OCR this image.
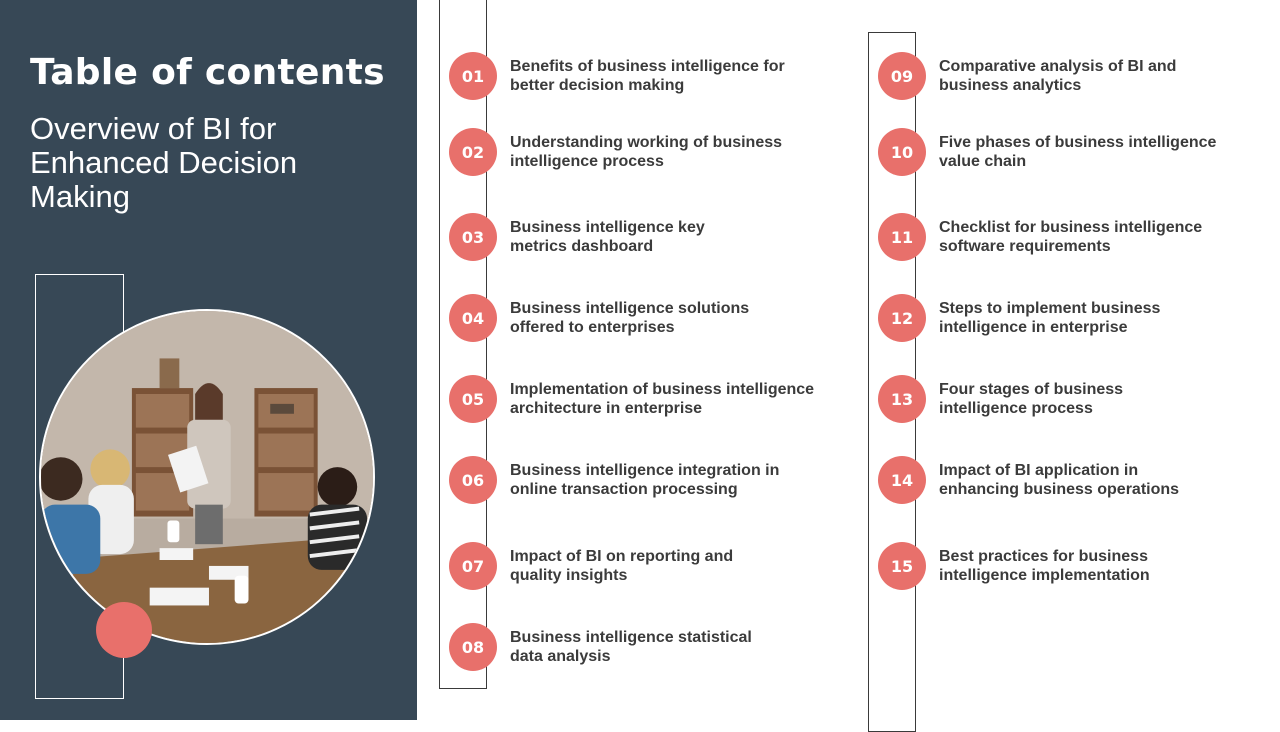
Table of contents
Overview of BI for Enhanced Decision Making
01	Benefits of business intelligence for better decision making
02	Understanding working of business intelligence process
03	Business intelligence key metrics dashboard
04	Business intelligence solutions offered to enterprises
05	Implementation of business intelligence architecture in enterprise
06	Business intelligence integration in online transaction processing
07	Impact of BI on reporting and quality insights
08	Business intelligence statistical data analysis
09	Comparative analysis of BI and business analytics
10	Five phases of business intelligence value chain
11	Checklist for business intelligence software requirements
12	Steps to implement business intelligence in enterprise
13	Four stages of business intelligence process
14	Impact of BI application in enhancing business operations
15	Best practices for business intelligence implementation
